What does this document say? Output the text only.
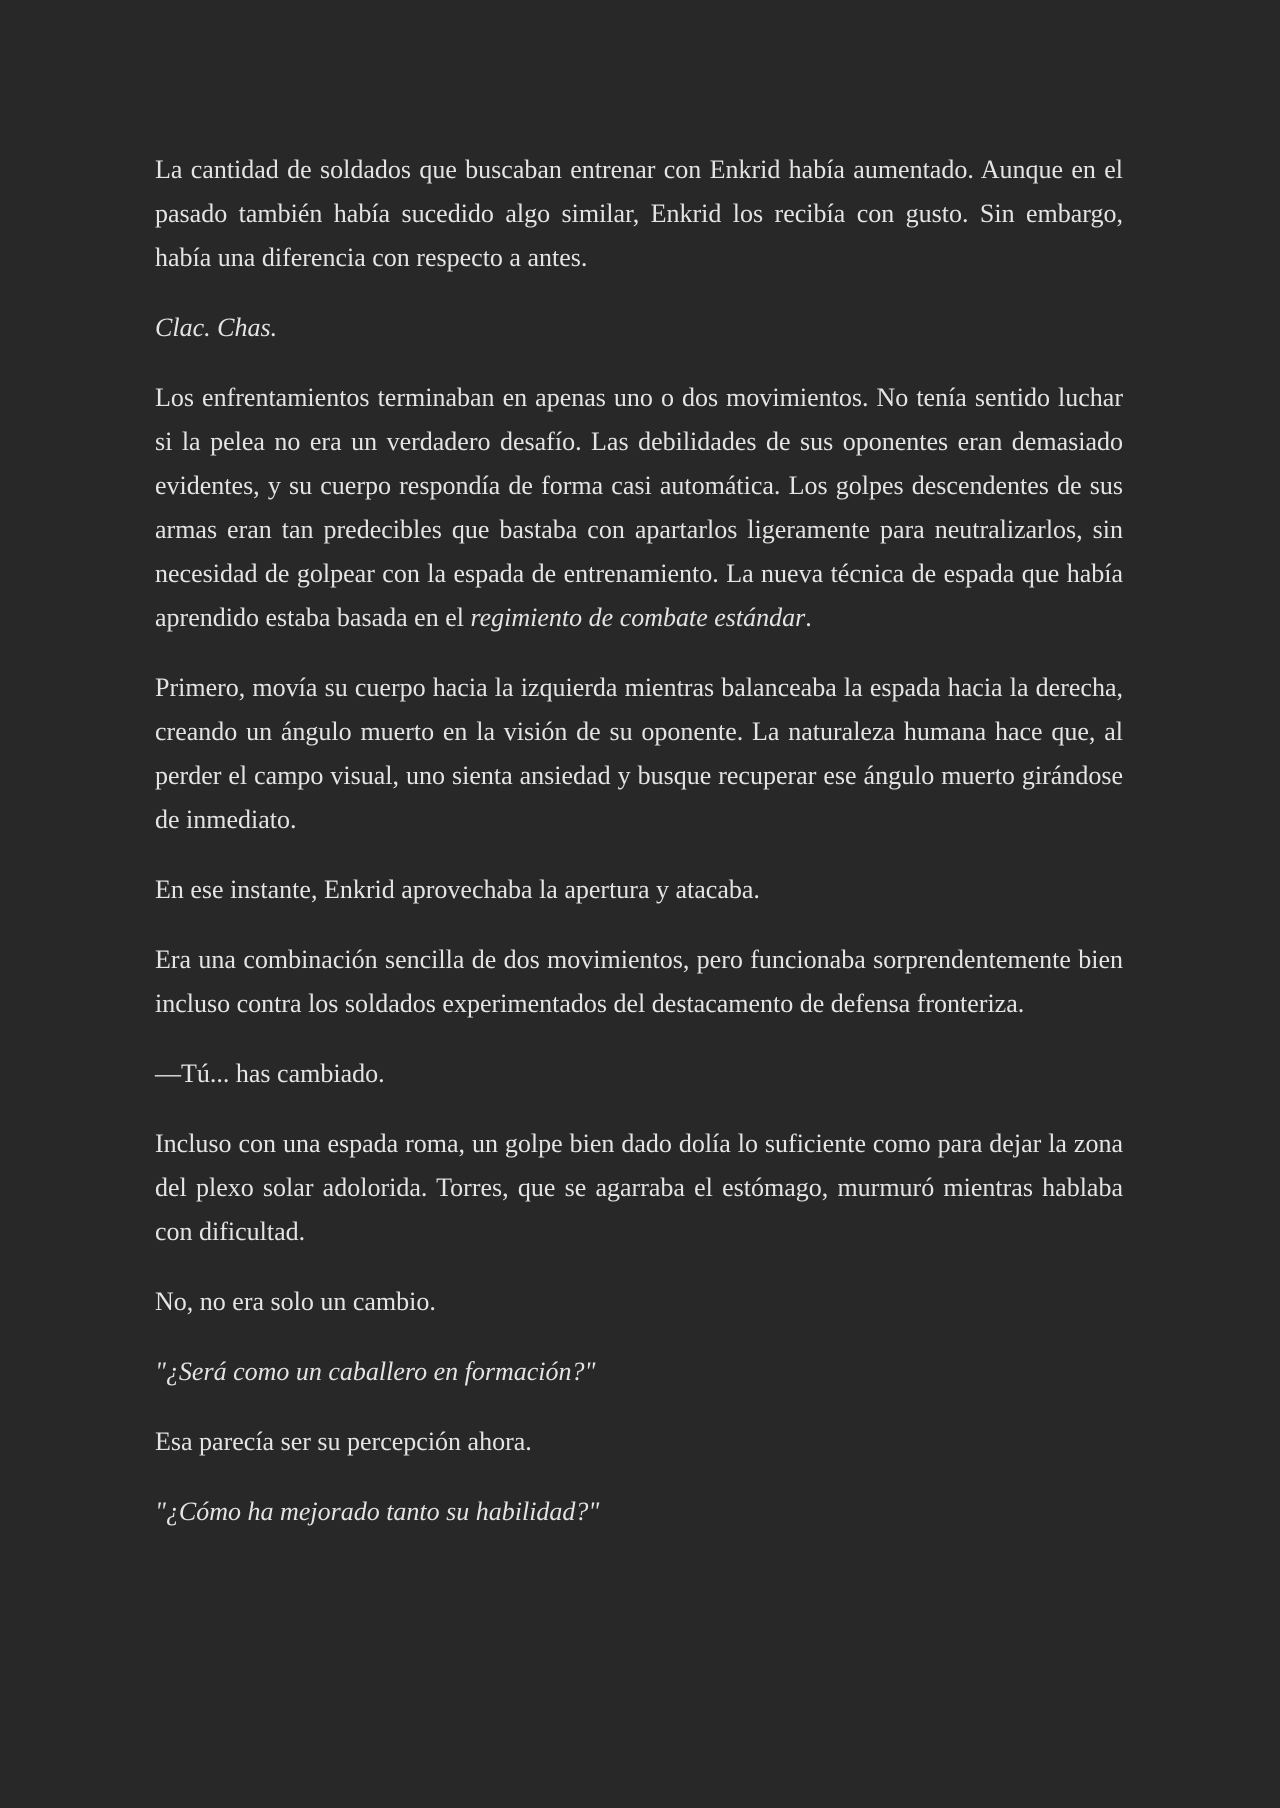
La cantidad de soldados que buscaban entrenar con Enkrid había aumentado. Aunque en el pasado también había sucedido algo similar, Enkrid los recibía con gusto. Sin embargo, había una diferencia con respecto a antes.

Clac. Chas.

Los enfrentamientos terminaban en apenas uno o dos movimientos. No tenía sentido luchar si la pelea no era un verdadero desafío. Las debilidades de sus oponentes eran demasiado evidentes, y su cuerpo respondía de forma casi automática. Los golpes descendentes de sus armas eran tan predecibles que bastaba con apartarlos ligeramente para neutralizarlos, sin necesidad de golpear con la espada de entrenamiento. La nueva técnica de espada que había aprendido estaba basada en el regimiento de combate estándar.

Primero, movía su cuerpo hacia la izquierda mientras balanceaba la espada hacia la derecha, creando un ángulo muerto en la visión de su oponente. La naturaleza humana hace que, al perder el campo visual, uno sienta ansiedad y busque recuperar ese ángulo muerto girándose de inmediato.

En ese instante, Enkrid aprovechaba la apertura y atacaba.

Era una combinación sencilla de dos movimientos, pero funcionaba sorprendentemente bien incluso contra los soldados experimentados del destacamento de defensa fronteriza.

—Tú... has cambiado.

Incluso con una espada roma, un golpe bien dado dolía lo suficiente como para dejar la zona del plexo solar adolorida. Torres, que se agarraba el estómago, murmuró mientras hablaba con dificultad.

No, no era solo un cambio.

"¿Será como un caballero en formación?"

Esa parecía ser su percepción ahora.

"¿Cómo ha mejorado tanto su habilidad?"
